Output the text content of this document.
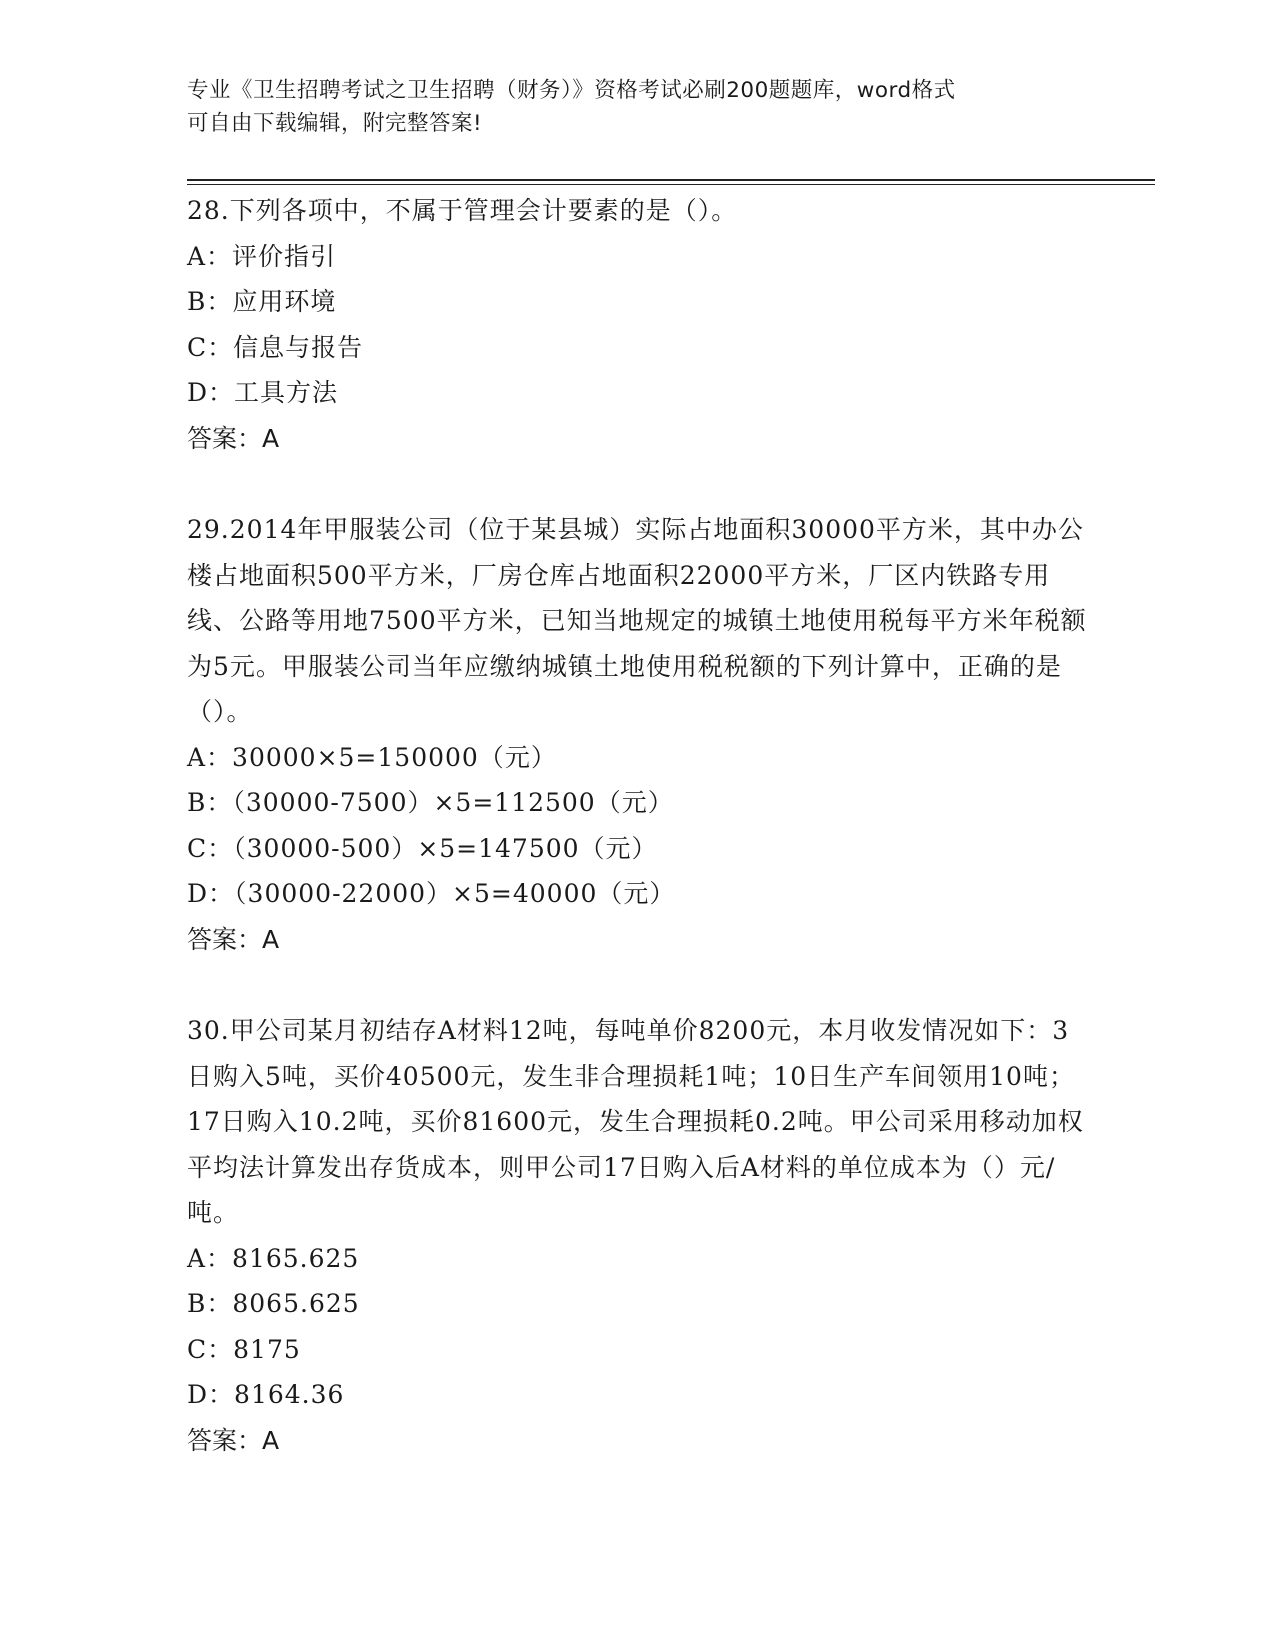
专业《卫生招聘考试之卫生招聘（财务）》资格考试必刷200题题库，word格式
可自由下载编辑，附完整答案!

28.下列各项中，不属于管理会计要素的是（）。

A：评价指引

B：应用环境

C：信息与报告

D：工具方法

答案：A

29.2014年甲服装公司（位于某县城）实际占地面积30000平方米，其中办公楼占地面积500平方米，厂房仓库占地面积22000平方米，厂区内铁路专用线、公路等用地7500平方米，已知当地规定的城镇土地使用税每平方米年税额为5元。甲服装公司当年应缴纳城镇土地使用税税额的下列计算中，正确的是（）。

A：30000×5=150000（元）

B：（30000-7500）×5=112500（元）

C：（30000-500）×5=147500（元）

D：（30000-22000）×5=40000（元）

答案：A

30.甲公司某月初结存A材料12吨，每吨单价8200元，本月收发情况如下：3日购入5吨，买价40500元，发生非合理损耗1吨；10日生产车间领用10吨；17日购入10.2吨，买价81600元，发生合理损耗0.2吨。甲公司采用移动加权平均法计算发出存货成本，则甲公司17日购入后A材料的单位成本为（）元/吨。

A：8165.625

B：8065.625

C：8175

D：8164.36

答案：A
